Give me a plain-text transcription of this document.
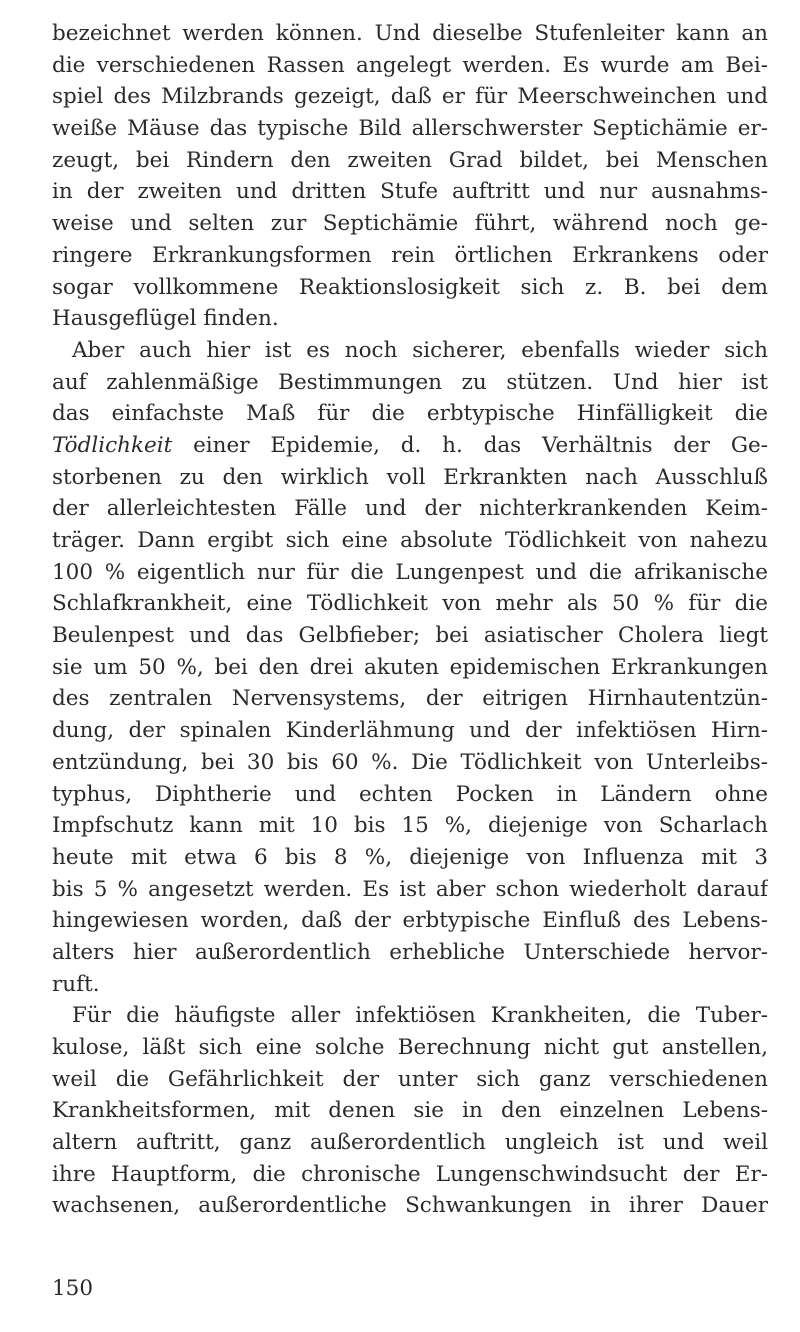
bezeichnet werden können. Und dieselbe Stufenleiter kann an
die verschiedenen Rassen angelegt werden. Es wurde am Bei-
spiel des Milzbrands gezeigt, daß er für Meerschweinchen und
weiße Mäuse das typische Bild allerschwerster Septichämie er-
zeugt, bei Rindern den zweiten Grad bildet, bei Menschen
in der zweiten und dritten Stufe auftritt und nur ausnahms-
weise und selten zur Septichämie führt, während noch ge-
ringere Erkrankungsformen rein örtlichen Erkrankens oder
sogar vollkommene Reaktionslosigkeit sich z. B. bei dem
Hausgeflügel finden.
Aber auch hier ist es noch sicherer, ebenfalls wieder sich
auf zahlenmäßige Bestimmungen zu stützen. Und hier ist
das einfachste Maß für die erbtypische Hinfälligkeit die
Tödlichkeit einer Epidemie, d. h. das Verhältnis der Ge-
storbenen zu den wirklich voll Erkrankten nach Ausschluß
der allerleichtesten Fälle und der nichterkrankenden Keim-
träger. Dann ergibt sich eine absolute Tödlichkeit von nahezu
100 % eigentlich nur für die Lungenpest und die afrikanische
Schlafkrankheit, eine Tödlichkeit von mehr als 50 % für die
Beulenpest und das Gelbfieber; bei asiatischer Cholera liegt
sie um 50 %, bei den drei akuten epidemischen Erkrankungen
des zentralen Nervensystems, der eitrigen Hirnhautentzün-
dung, der spinalen Kinderlähmung und der infektiösen Hirn-
entzündung, bei 30 bis 60 %. Die Tödlichkeit von Unterleibs-
typhus, Diphtherie und echten Pocken in Ländern ohne
Impfschutz kann mit 10 bis 15 %, diejenige von Scharlach
heute mit etwa 6 bis 8 %, diejenige von Influenza mit 3
bis 5 % angesetzt werden. Es ist aber schon wiederholt darauf
hingewiesen worden, daß der erbtypische Einfluß des Lebens-
alters hier außerordentlich erhebliche Unterschiede hervor-
ruft.
Für die häufigste aller infektiösen Krankheiten, die Tuber-
kulose, läßt sich eine solche Berechnung nicht gut anstellen,
weil die Gefährlichkeit der unter sich ganz verschiedenen
Krankheitsformen, mit denen sie in den einzelnen Lebens-
altern auftritt, ganz außerordentlich ungleich ist und weil
ihre Hauptform, die chronische Lungenschwindsucht der Er-
wachsenen, außerordentliche Schwankungen in ihrer Dauer
150
